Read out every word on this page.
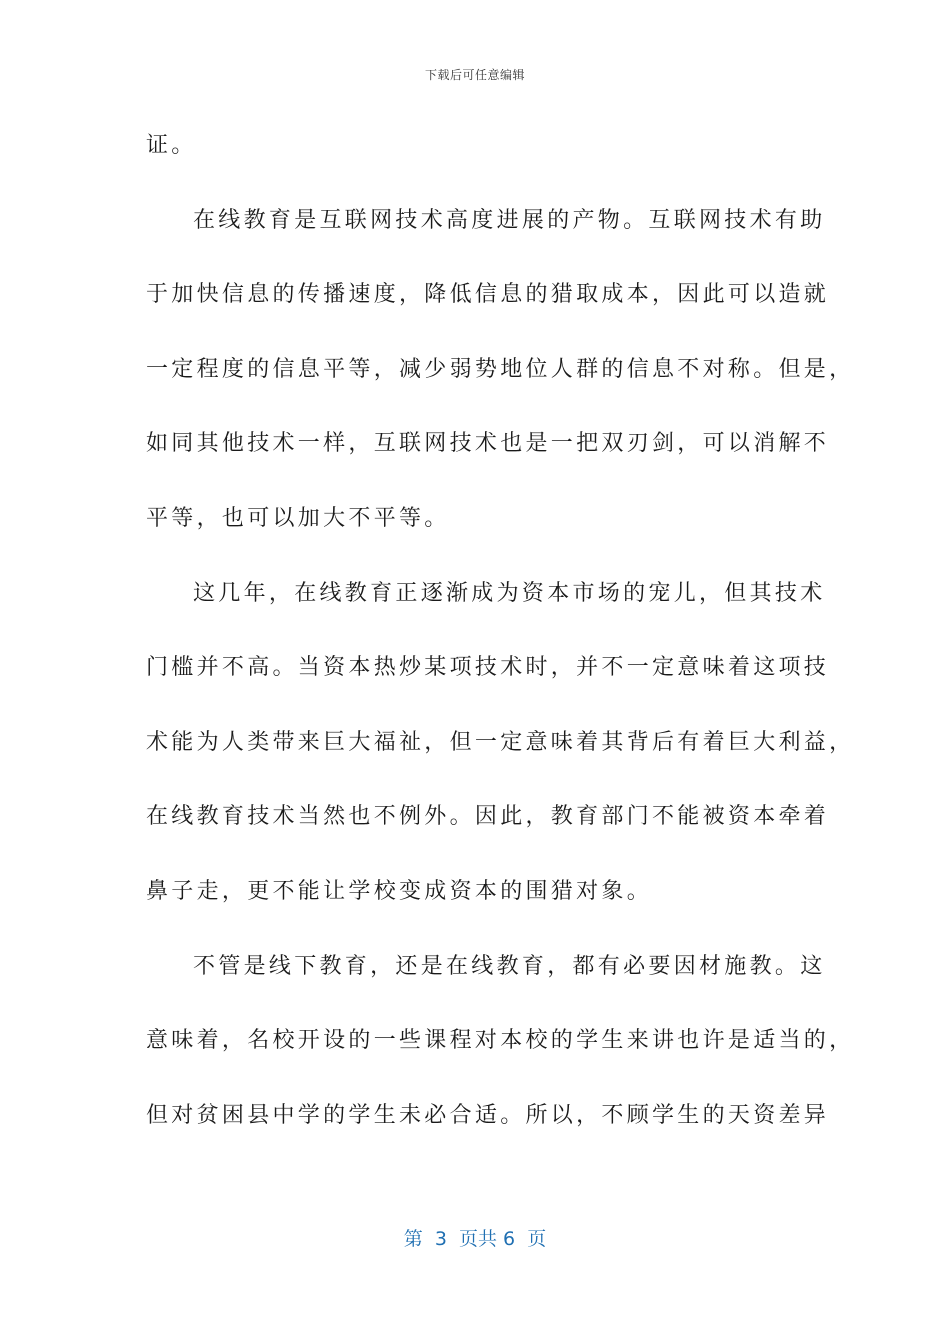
下载后可任意编辑
证。
在线教育是互联网技术高度进展的产物。互联网技术有助
于加快信息的传播速度，降低信息的猎取成本，因此可以造就
一定程度的信息平等，减少弱势地位人群的信息不对称。但是，
如同其他技术一样，互联网技术也是一把双刃剑，可以消解不
平等，也可以加大不平等。
这几年，在线教育正逐渐成为资本市场的宠儿，但其技术
门槛并不高。当资本热炒某项技术时，并不一定意味着这项技
术能为人类带来巨大福祉，但一定意味着其背后有着巨大利益，
在线教育技术当然也不例外。因此，教育部门不能被资本牵着
鼻子走，更不能让学校变成资本的围猎对象。
不管是线下教育，还是在线教育，都有必要因材施教。这
意味着，名校开设的一些课程对本校的学生来讲也许是适当的，
但对贫困县中学的学生未必合适。所以，不顾学生的天资差异
第  3  页共 6  页
